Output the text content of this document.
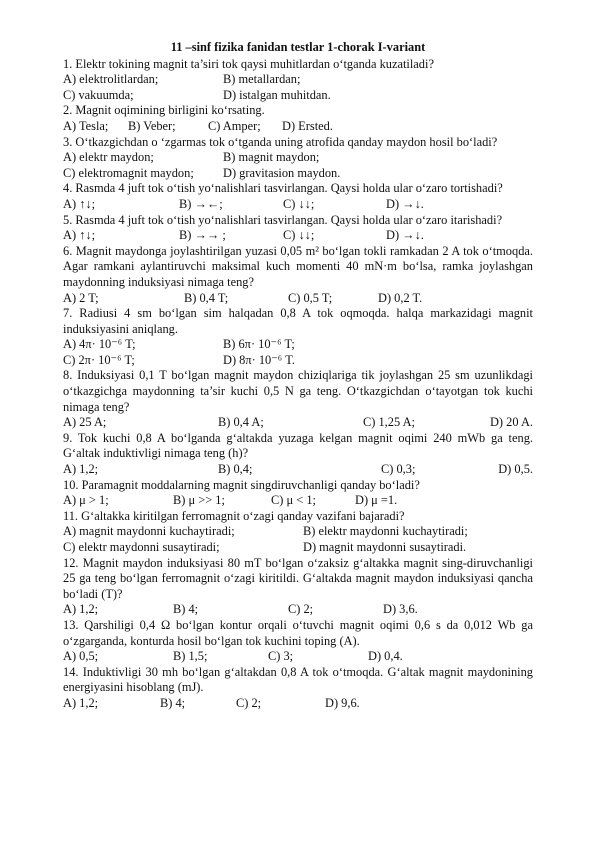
11 –sinf fizika fanidan testlar 1-chorak I-variant
1. Elektr tokining magnit ta’siri tok qaysi muhitlardan o‘tganda kuzatiladi?
A) elektrolitlardan;	B) metallardan;
C) vakuumda;	D) istalgan muhitdan.
2. Magnit oqimining birligini ko‘rsating.
A) Tesla; B) Veber;	C) Amper; D) Ersted.
3. O‘tkazgichdan o ‘zgarmas tok o‘tganda uning atrofida qanday maydon hosil bo‘ladi?
A) elektr maydon;	B) magnit maydon;
C) elektromagnit maydon; D) gravitasion maydon.
4. Rasmda 4 juft tok o‘tish yo‘nalishlari tasvirlangan. Qaysi holda ular o‘zaro tortishadi?
A) ↑↓;	B) →←;	C) ↓↓;	D) →↓.
5. Rasmda 4 juft tok o‘tish yo‘nalishlari tasvirlangan. Qaysi holda ular o‘zaro itarishadi?
A) ↑↓;	B) →→ ;	C) ↓↓;	D) →↓.
6. Magnit maydonga joylashtirilgan yuzasi 0,05 m² bo‘lgan tokli ramkadan 2 A tok o‘tmoqda. Agar ramkani aylantiruvchi maksimal kuch momenti 40 mN·m bo‘lsa, ramka joylashgan maydonning induksiyasi nimaga teng?
A) 2 T;	B) 0,4 T;	C) 0,5 T;	D) 0,2 T.
7. Radiusi 4 sm bo‘lgan sim halqadan 0,8 A tok oqmoqda. halqa markazidagi magnit induksiyasini aniqlang.
A) 4π· 10⁻⁶ T;	B) 6π· 10⁻⁶ T;
C) 2π· 10⁻⁶ T;	D) 8π· 10⁻⁶ T.
8. Induksiyasi 0,1 T bo‘lgan magnit maydon chiziqlariga tik joylashgan 25 sm uzunlikdagi o‘tkazgichga maydonning ta’sir kuchi 0,5 N ga teng. O‘tkazgichdan o‘tayotgan tok kuchi nimaga teng?
A) 25 A;	B) 0,4 A;	C) 1,25 A;	D) 20 A.
9. Tok kuchi 0,8 A bo‘lganda g‘altakda yuzaga kelgan magnit oqimi 240 mWb ga teng. G‘altak induktivligi nimaga teng (h)?
A) 1,2;	B) 0,4;	C) 0,3;	D) 0,5.
10. Paramagnit moddalarning magnit singdiruvchanligi qanday bo‘ladi?
A) μ > 1;	B) μ >> 1;	C) μ < 1;	D) μ =1.
11. G‘altakka kiritilgan ferromagnit o‘zagi qanday vazifani bajaradi?
A) magnit maydonni kuchaytiradi;	B) elektr maydonni kuchaytiradi;
C) elektr maydonni susaytiradi;	D) magnit maydonni susaytiradi.
12. Magnit maydon induksiyasi 80 mT bo‘lgan o‘zaksiz g‘altakka magnit sing-diruvchanligi 25 ga teng bo‘lgan ferromagnit o‘zagi kiritildi. G‘altakda magnit maydon induksiyasi qancha bo‘ladi (T)?
A) 1,2;	B) 4;	C) 2;	D) 3,6.
13. Qarshiligi 0,4 Ω bo‘lgan kontur orqali o‘tuvchi magnit oqimi 0,6 s da 0,012 Wb ga o‘zgarganda, konturda hosil bo‘lgan tok kuchini toping (A).
A) 0,5;	B) 1,5;	C) 3;	D) 0,4.
14. Induktivligi 30 mh bo‘lgan g‘altakdan 0,8 A tok o‘tmoqda. G‘altak magnit maydonining energiyasini hisoblang (mJ).
A) 1,2;	B) 4;	C) 2;	D) 9,6.
